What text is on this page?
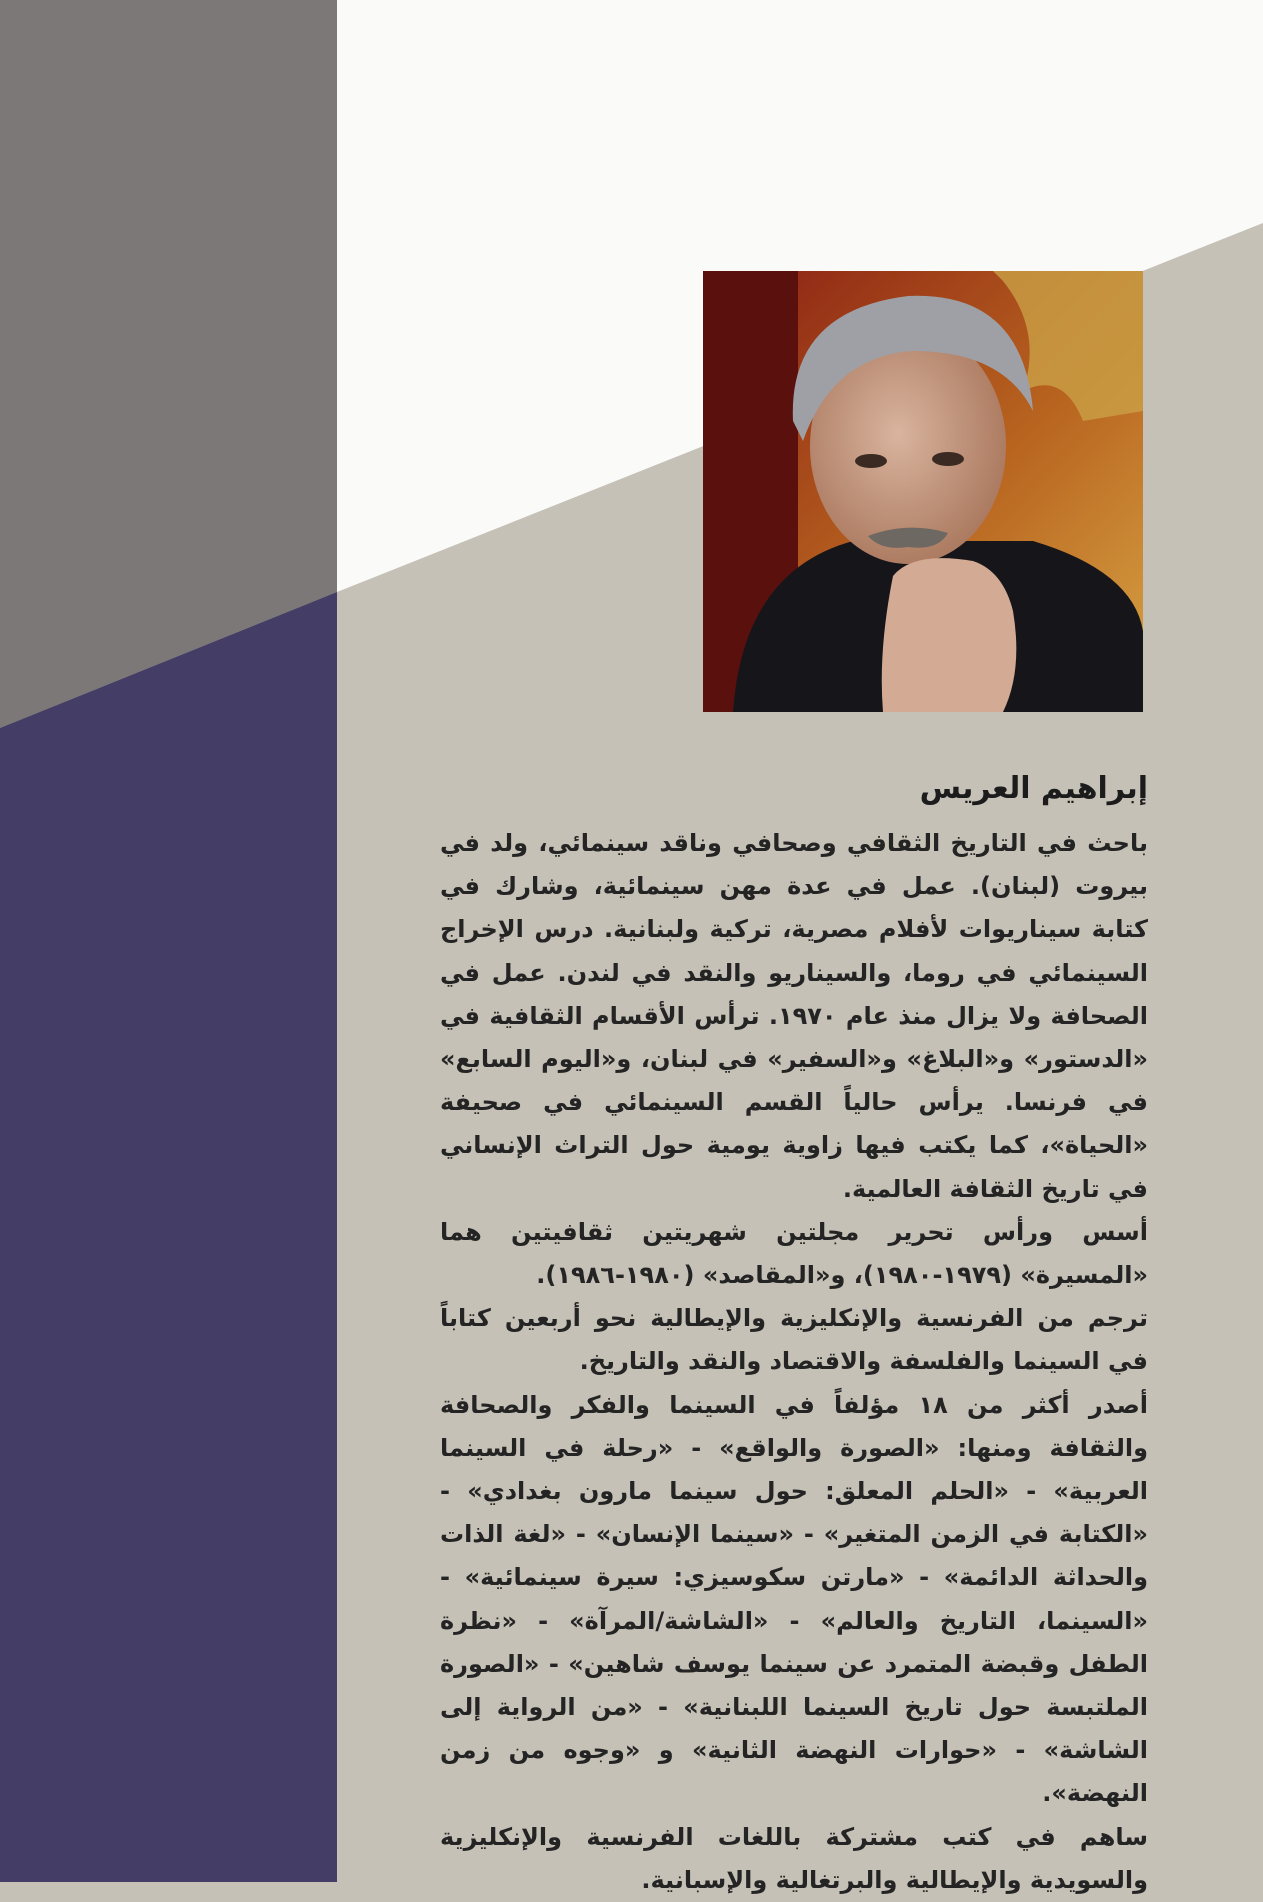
إبراهيم العريس

باحث في التاريخ الثقافي وصحافي وناقد سينمائي، ولد في بيروت (لبنان). عمل في عدة مهن سينمائية، وشارك في كتابة سيناريوات لأفلام مصرية، تركية ولبنانية. درس الإخراج السينمائي في روما، والسيناريو والنقد في لندن. عمل في الصحافة ولا يزال منذ عام ١٩٧٠. ترأس الأقسام الثقافية في «الدستور» و«البلاغ» و«السفير» في لبنان، و«اليوم السابع» في فرنسا. يرأس حالياً القسم السينمائي في صحيفة «الحياة»، كما يكتب فيها زاوية يومية حول التراث الإنساني في تاريخ الثقافة العالمية.

أسس ورأس تحرير مجلتين شهريتين ثقافيتين هما «المسيرة» (١٩٧٩-١٩٨٠)، و«المقاصد» (١٩٨٠-١٩٨٦).

ترجم من الفرنسية والإنكليزية والإيطالية نحو أربعين كتاباً في السينما والفلسفة والاقتصاد والنقد والتاريخ.

أصدر أكثر من ١٨ مؤلفاً في السينما والفكر والصحافة والثقافة ومنها: «الصورة والواقع» - «رحلة في السينما العربية» - «الحلم المعلق: حول سينما مارون بغدادي» - «الكتابة في الزمن المتغير» - «سينما الإنسان» - «لغة الذات والحداثة الدائمة» - «مارتن سكوسيزي: سيرة سينمائية» - «السينما، التاريخ والعالم» - «الشاشة/المرآة» - «نظرة الطفل وقبضة المتمرد عن سينما يوسف شاهين» - «الصورة الملتبسة حول تاريخ السينما اللبنانية» - «من الرواية إلى الشاشة» - «حوارات النهضة الثانية» و «وجوه من زمن النهضة».

ساهم في كتب مشتركة باللغات الفرنسية والإنكليزية والسويدية والإيطالية والبرتغالية والإسبانية.
